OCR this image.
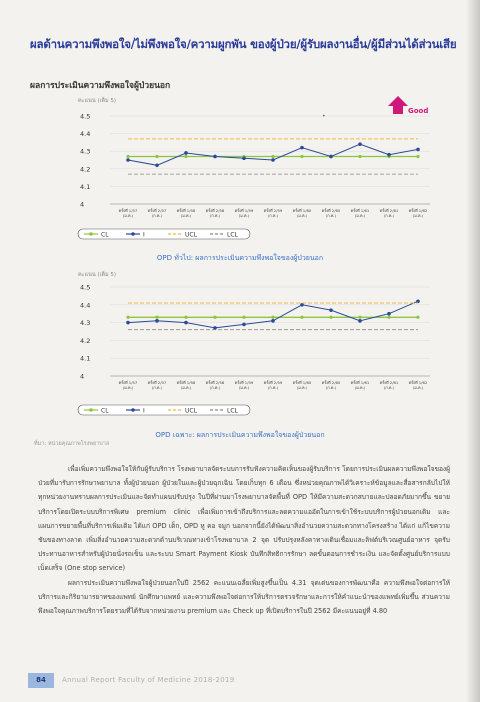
ผลด้านความพึงพอใจ/ไม่พึงพอใจ/ความผูกพัน ของผู้ป่วย/ผู้รับผลงานอื่น/ผู้มีส่วนได้ส่วนเสีย
ผลการประเมินความพึงพอใจผู้ป่วยนอก
คะแนน (เต็ม 5)
Good
•
4
4.1
4.2
4.3
4.4
4.5
ครั้งที่ 1/57
(ม.ค.)
ครั้งที่ 2/57
(ก.ค.)
ครั้งที่ 1/58
(ม.ค.)
ครั้งที่ 2/58
(ก.ค.)
ครั้งที่ 1/59
(ม.ค.)
ครั้งที่ 2/59
(ก.ค.)
ครั้งที่ 1/60
(ม.ค.)
ครั้งที่ 2/60
(ก.ค.)
ครั้งที่ 1/61
(ม.ค.)
ครั้งที่ 2/61
(ก.ค.)
ครั้งที่ 1/62
(ม.ค.)
CL	I	UCL	LCL
OPD ทั่วไป: ผลการประเมินความพึงพอใจของผู้ป่วยนอก
คะแนน (เต็ม 5)
4
4.1
4.2
4.3
4.4
4.5
ครั้งที่ 1/57
(ม.ค.)
ครั้งที่ 2/57
(ก.ค.)
ครั้งที่ 1/58
(ม.ค.)
ครั้งที่ 2/58
(ก.ค.)
ครั้งที่ 1/59
(ม.ค.)
ครั้งที่ 2/59
(ก.ค.)
ครั้งที่ 1/60
(ม.ค.)
ครั้งที่ 2/60
(ก.ค.)
ครั้งที่ 1/61
(ม.ค.)
ครั้งที่ 2/61
(ก.ค.)
ครั้งที่ 1/62
(ม.ค.)
CL	I	UCL	LCL
OPD เฉพาะ: ผลการประเมินความพึงพอใจของผู้ป่วยนอก
ที่มา: หน่วยคุณภาพโรงพยาบาล

เพื่อเพิ่มความพึงพอใจให้กับผู้รับบริการ โรงพยาบาลจัดระบบการรับฟังความคิดเห็นของผู้รับบริการ โดยการประเมินผลความพึงพอใจของผู้ป่วยที่มารับการรักษาพยาบาล ทั้งผู้ป่วยนอก ผู้ป่วยในและผู้ป่วยฉุกเฉิน โดยเก็บทุก 6 เดือน ซึ่งหน่วยคุณภาพได้วิเคราะห์ข้อมูลและสื่อสารกลับไปให้ทุกหน่วยงานทราบผลการประเมินและจัดทำแผนปรับปรุง ในปีที่ผ่านมาโรงพยาบาลจัดพื้นที่ OPD ให้มีความสะดวกสบายและปลอดภัยมากขึ้น ขยายบริการโดยเปิดระบบบริการพิเศษ premium clinic เพื่อเพิ่มการเข้าถึงบริการและลดความแออัดในการเข้าใช้ระบบบริการผู้ป่วยนอกเดิม และแผนการขยายพื้นที่บริการเพิ่มเติม ได้แก่ OPD เด็ก, OPD หู คอ จมูก นอกจากนี้ยังได้พัฒนาสิ่งอำนวยความสะดวกทางโครงสร้าง ได้แก่ แก้ไขความชันของทางลาด เพิ่มสิ่งอำนวยความสะดวกด้านบริเวณทางเข้าโรงพยาบาล 2 จุด ปรับปรุงหลังคาทางเดินเชื่อมและลิฟต์บริเวณศูนย์อาหาร จุดรับประทานอาหารสำหรับผู้ป่วยนั่งรถเข็น และระบบ Smart Payment Kiosk บันทึกสิทธิการรักษา ลดขั้นตอนการชำระเงิน และจัดตั้งศูนย์บริการแบบเบ็ดเสร็จ (One stop service)

ผลการประเมินความพึงพอใจผู้ป่วยนอกในปี 2562 คะแนนเฉลี่ยเพิ่มสูงขึ้นเป็น 4.31 จุดเด่นของการพัฒนาคือ ความพึงพอใจต่อการให้บริการและกิริยามารยาทของแพทย์ นักศึกษาแพทย์ และความพึงพอใจต่อการให้บริการตรวจรักษาและการให้คำแนะนำของแพทย์เพิ่มขึ้น ส่วนความพึงพอใจคุณภาพบริการโดยรวมที่ได้รับจากหน่วยงาน premium และ Check up ที่เปิดบริการในปี 2562 มีคะแนนอยู่ที่ 4.80

84	Annual Report Faculty of Medicine 2018-2019
